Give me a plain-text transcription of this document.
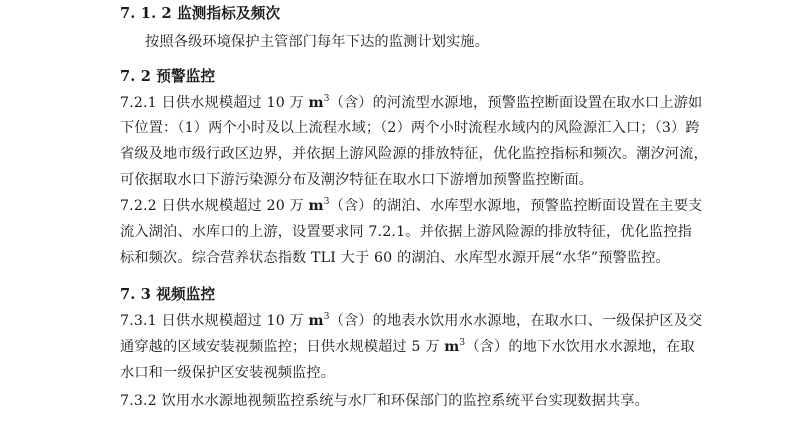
7. 1. 2 监测指标及频次
按照各级环境保护主管部门每年下达的监测计划实施。
7. 2 预警监控
7.2.1 日供水规模超过 10 万 $m^3$（含）的河流型水源地，预警监控断面设置在取水口上游如
下位置：（1）两个小时及以上流程水域；（2）两个小时流程水域内的风险源汇入口；（3）跨
省级及地市级行政区边界，并依据上游风险源的排放特征，优化监控指标和频次。潮汐河流，
可依据取水口下游污染源分布及潮汐特征在取水口下游增加预警监控断面。
7.2.2 日供水规模超过 20 万 $m^3$（含）的湖泊、水库型水源地，预警监控断面设置在主要支
流入湖泊、水库口的上游，设置要求同 7.2.1。并依据上游风险源的排放特征，优化监控指
标和频次。综合营养状态指数 TLI 大于 60 的湖泊、水库型水源开展“水华”预警监控。
7. 3 视频监控
7.3.1 日供水规模超过 10 万 $m^3$（含）的地表水饮用水水源地，在取水口、一级保护区及交
通穿越的区域安装视频监控；日供水规模超过 5 万 $m^3$（含）的地下水饮用水水源地，在取
水口和一级保护区安装视频监控。
7.3.2 饮用水水源地视频监控系统与水厂和环保部门的监控系统平台实现数据共享。
